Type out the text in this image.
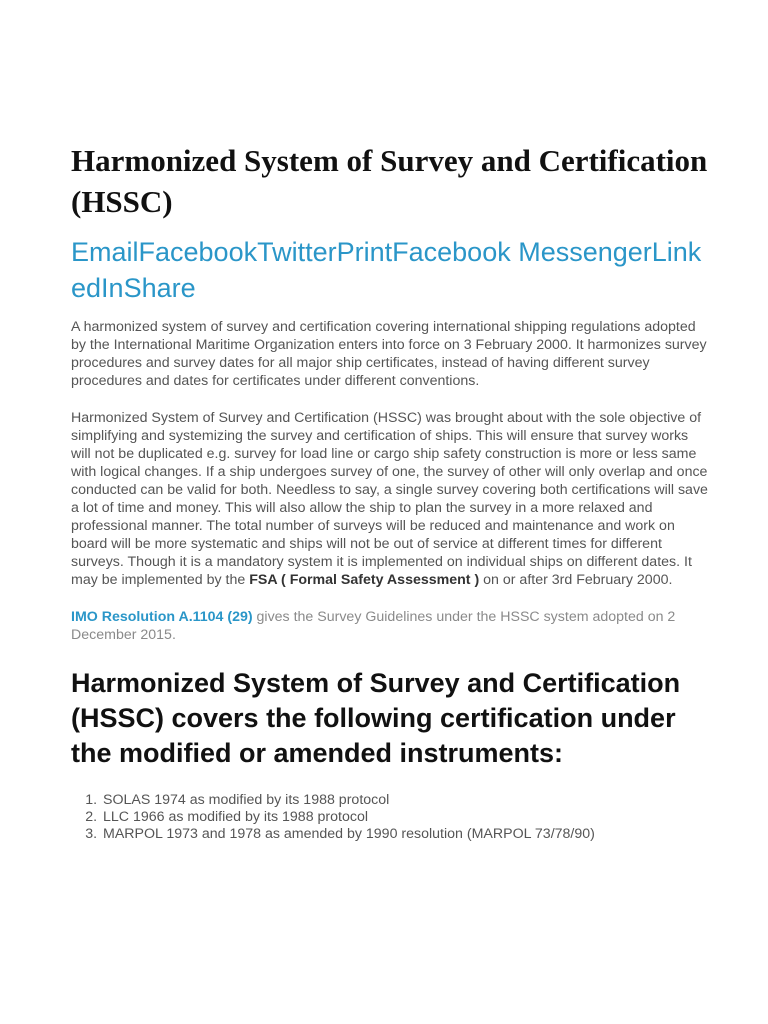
Harmonized System of Survey and Certification (HSSC)
EmailFacebookTwitterPrintFacebook MessengerLinkedInShare

A harmonized system of survey and certification covering international shipping regulations adopted by the International Maritime Organization enters into force on 3 February 2000. It harmonizes survey procedures and survey dates for all major ship certificates, instead of having different survey procedures and dates for certificates under different conventions.

Harmonized System of Survey and Certification (HSSC) was brought about with the sole objective of simplifying and systemizing the survey and certification of ships. This will ensure that survey works will not be duplicated e.g. survey for load line or cargo ship safety construction is more or less same with logical changes. If a ship undergoes survey of one, the survey of other will only overlap and once conducted can be valid for both. Needless to say, a single survey covering both certifications will save a lot of time and money. This will also allow the ship to plan the survey in a more relaxed and professional manner. The total number of surveys will be reduced and maintenance and work on board will be more systematic and ships will not be out of service at different times for different surveys. Though it is a mandatory system it is implemented on individual ships on different dates. It may be implemented by the FSA ( Formal Safety Assessment ) on or after 3rd February 2000.

IMO Resolution A.1104 (29) gives the Survey Guidelines under the HSSC system adopted on 2 December 2015.

Harmonized System of Survey and Certification (HSSC) covers the following certification under the modified or amended instruments:
1. SOLAS 1974 as modified by its 1988 protocol
2. LLC 1966 as modified by its 1988 protocol
3. MARPOL 1973 and 1978 as amended by 1990 resolution (MARPOL 73/78/90)
